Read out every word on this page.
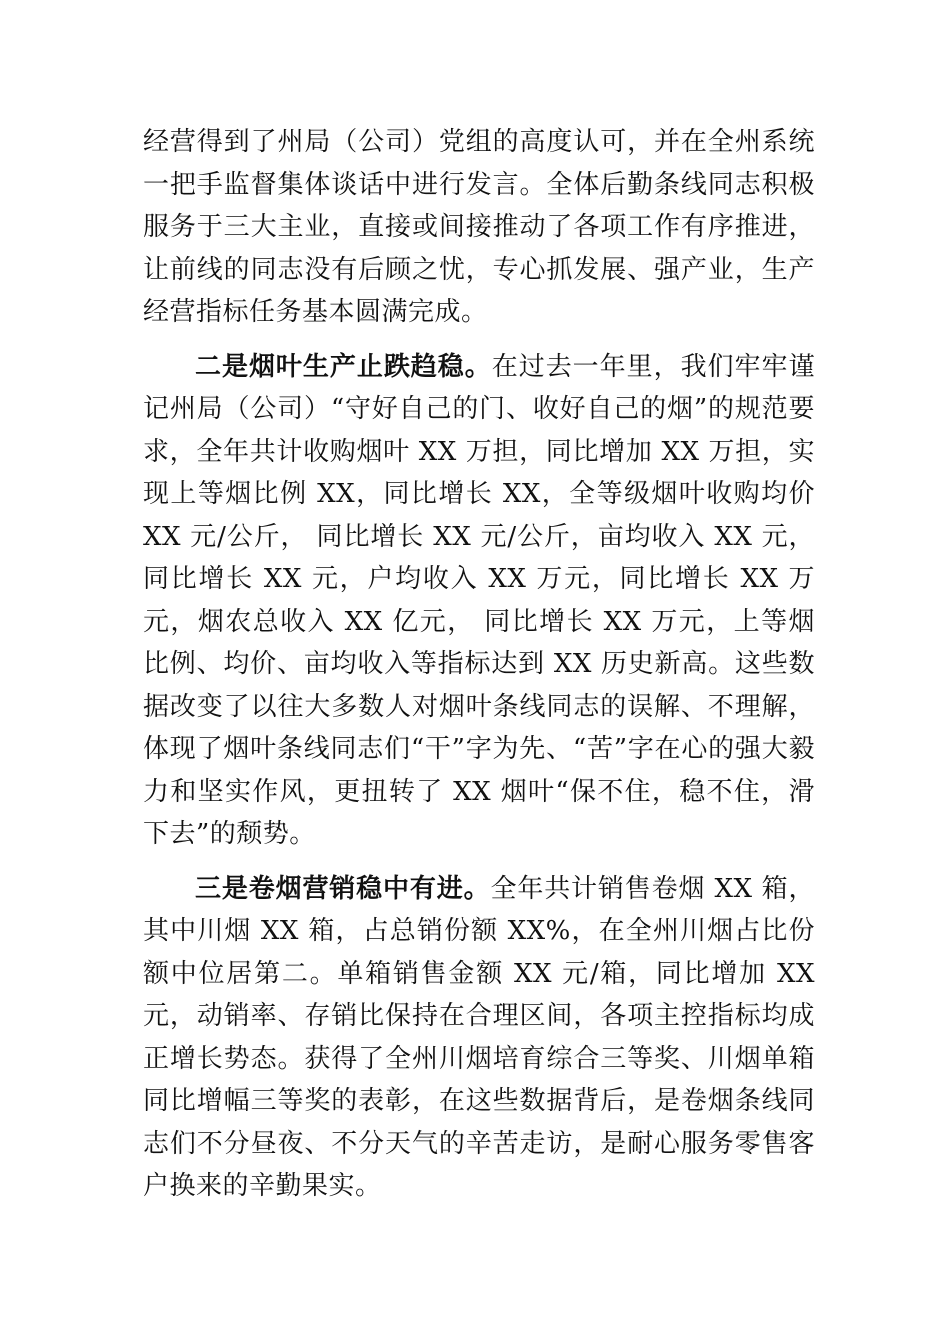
经营得到了州局（公司）党组的高度认可，并在全州系统一把手监督集体谈话中进行发言。全体后勤条线同志积极服务于三大主业，直接或间接推动了各项工作有序推进，让前线的同志没有后顾之忧，专心抓发展、强产业，生产经营指标任务基本圆满完成。

二是烟叶生产止跌趋稳。在过去一年里，我们牢牢谨记州局（公司）“守好自己的门、收好自己的烟”的规范要求，全年共计收购烟叶 XX 万担，同比增加 XX 万担，实现上等烟比例 XX，同比增长 XX，全等级烟叶收购均价 XX 元/公斤， 同比增长 XX 元/公斤，亩均收入 XX 元，同比增长 XX 元，户均收入 XX 万元，同比增长 XX 万元，烟农总收入 XX 亿元， 同比增长 XX 万元，上等烟比例、均价、亩均收入等指标达到 XX 历史新高。这些数据改变了以往大多数人对烟叶条线同志的误解、不理解，体现了烟叶条线同志们“干”字为先、“苦”字在心的强大毅力和坚实作风，更扭转了 XX 烟叶“保不住，稳不住，滑下去”的颓势。

三是卷烟营销稳中有进。全年共计销售卷烟 XX 箱，其中川烟 XX 箱，占总销份额 XX%，在全州川烟占比份额中位居第二。单箱销售金额 XX 元/箱，同比增加 XX 元，动销率、存销比保持在合理区间，各项主控指标均成正增长势态。获得了全州川烟培育综合三等奖、川烟单箱同比增幅三等奖的表彰，在这些数据背后，是卷烟条线同志们不分昼夜、不分天气的辛苦走访，是耐心服务零售客户换来的辛勤果实。
